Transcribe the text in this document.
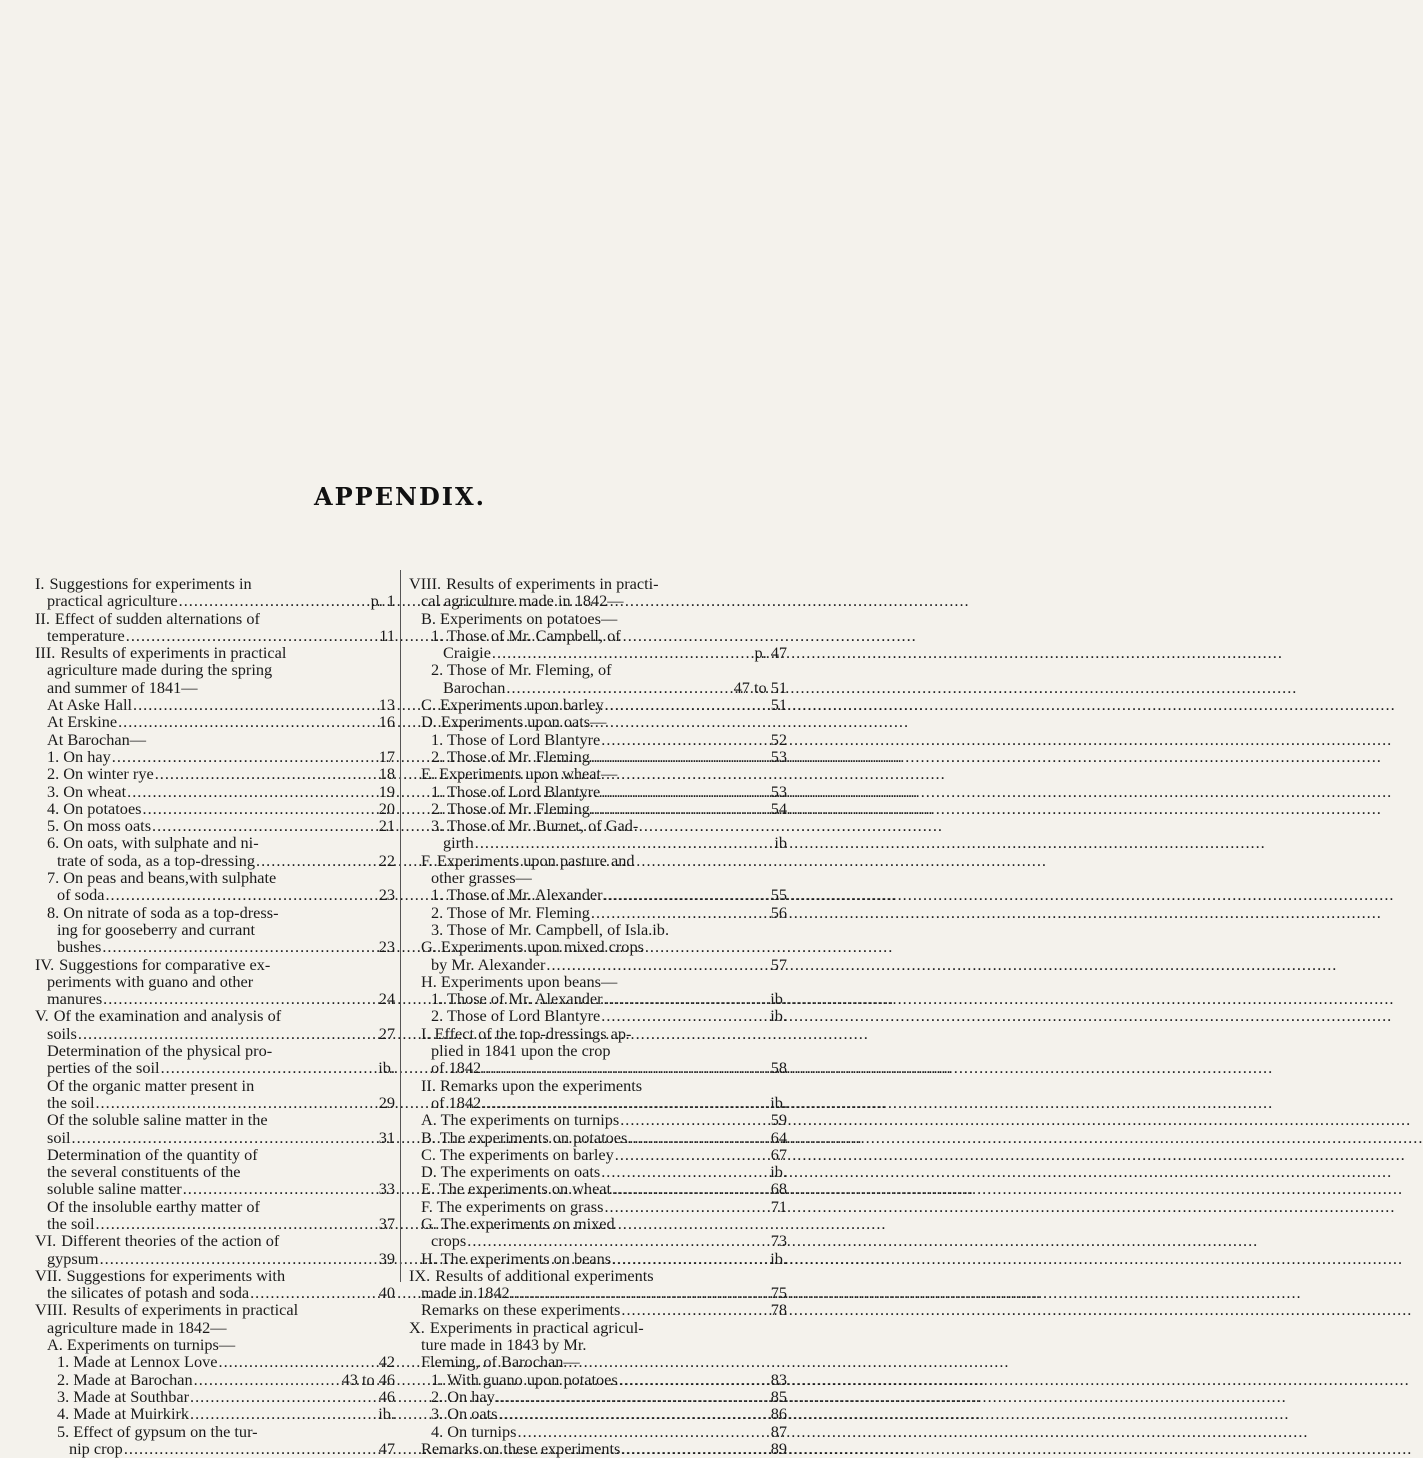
APPENDIX.
I. Suggestions for experiments in
practical agriculture .....	p. 1
II. Effect of sudden alternations of
temperature .....	11
III. Results of experiments in practical
agriculture made during the spring
and summer of 1841—
At Aske Hall .....	13
At Erskine .....	16
At Barochan—
1. On hay .....	17
2. On winter rye .....	18
3. On wheat .....	19
4. On potatoes .....	20
5. On moss oats .....	21
6. On oats, with sulphate and ni-
trate of soda, as a top-dressing .....	22
7. On peas and beans,with sulphate
of soda .....	23
8. On nitrate of soda as a top-dress-
ing for gooseberry and currant
bushes .....	23
IV. Suggestions for comparative ex-
periments with guano and other
manures .....	24
V. Of the examination and analysis of
soils .....	27
Determination of the physical pro-
perties of the soil .....	ib.
Of the organic matter present in
the soil .....	29
Of the soluble saline matter in the
soil .....	31
Determination of the quantity of
the several constituents of the
soluble saline matter .....	33
Of the insoluble earthy matter of
the soil .....	37
VI. Different theories of the action of
gypsum .....	39
VII. Suggestions for experiments with
the silicates of potash and soda .....	40
VIII. Results of experiments in practical
agriculture made in 1842—
A. Experiments on turnips—
1. Made at Lennox Love .....	42
2. Made at Barochan .....	43 to 46
3. Made at Southbar .....	46
4. Made at Muirkirk .....	ib.
5. Effect of gypsum on the tur-
nip crop .....	47
VIII. Results of experiments in practi-
cal agriculture made in 1842—
B. Experiments on potatoes—
1. Those of Mr. Campbell, of
Craigie .....	p. 47
2. Those of Mr. Fleming, of
Barochan .....	47 to 51
C. Experiments upon barley .....	51
D. Experiments upon oats—
1. Those of Lord Blantyre .....	52
2. Those of Mr. Fleming .....	53
E. Experiments upon wheat—
1. Those of Lord Blantyre .....	53
2. Those of Mr. Fleming .....	54
3. Those of Mr. Burnet, of Gad-
girth .....	ib
F. Experiments upon pasture and
other grasses—
1. Those of Mr. Alexander .....	55
2. Those of Mr. Fleming .....	56
3. Those of Mr. Campbell, of Isla.ib.
G. Experiments upon mixed crops
by Mr. Alexander .....	57
H. Experiments upon beans—
1. Those of Mr. Alexander .....	ib.
2. Those of Lord Blantyre .....	ib.
I. Effect of the top-dressings ap-
plied in 1841 upon the crop
of 1842 .....	58
II. Remarks upon the experiments
of 1842 .....	ib.
A. The experiments on turnips .....	59
B. The experiments on potatoes. .....	64
C. The experiments on barley .....	67
D. The experiments on oats .....	ib.
E. The experiments on wheat .....	68
F. The experiments on grass .....	71
G. The experiments on mixed
crops .....	73
H. The experiments on beans .....	ib.
IX. Results of additional experiments
made in 1842 .....	75
Remarks on these experiments .....	78
X. Experiments in practical agricul-
ture made in 1843 by Mr.
Fleming, of Barochan—
1. With guano upon potatoes .....	83
2. On hay .....	85
3. On oats .....	86
4. On turnips .....	87
Remarks on these experiments .....	89
